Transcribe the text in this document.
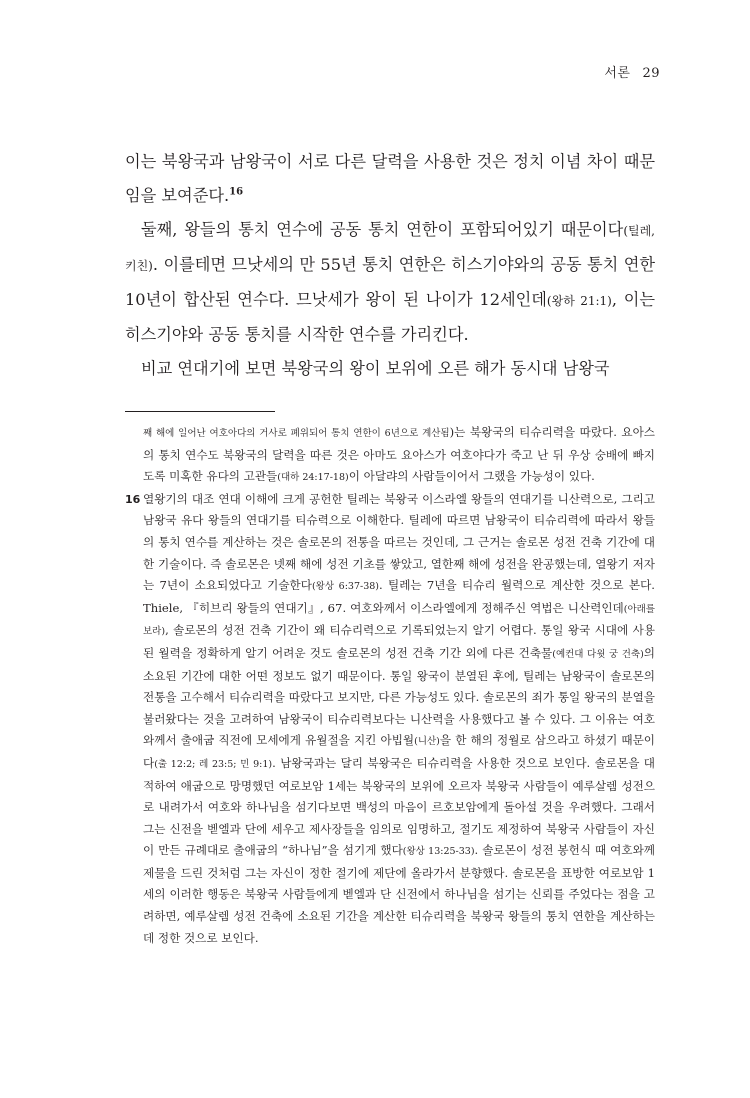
서론 29

이는 북왕국과 남왕국이 서로 다른 달력을 사용한 것은 정치 이념 차이 때문임을 보여준다.$^{16}$

둘째, 왕들의 통치 연수에 공동 통치 연한이 포함되어있기 때문이다(틸레, 키친). 이를테면 므낫세의 만 55년 통치 연한은 히스기야와의 공동 통치 연한 10년이 합산된 연수다. 므낫세가 왕이 된 나이가 12세인데(왕하 21:1), 이는 히스기야와 공동 통치를 시작한 연수를 가리킨다.

비교 연대기에 보면 북왕국의 왕이 보위에 오른 해가 동시대 남왕국

째 해에 일어난 여호아다의 거사로 폐위되어 통치 연한이 6년으로 계산됨)는 북왕국의 티슈리력을 따랐다. 요아스의 통치 연수도 북왕국의 달력을 따른 것은 아마도 요아스가 여호야다가 죽고 난 뒤 우상 숭배에 빠지도록 미혹한 유다의 고관들(대하 24:17-18)이 아달랴의 사람들이어서 그랬을 가능성이 있다.

16 열왕기의 대조 연대 이해에 크게 공헌한 틸레는 북왕국 이스라엘 왕들의 연대기를 니산력으로, 그리고 남왕국 유다 왕들의 연대기를 티슈력으로 이해한다. 틸레에 따르면 남왕국이 티슈리력에 따라서 왕들의 통치 연수를 계산하는 것은 솔로몬의 전통을 따르는 것인데, 그 근거는 솔로몬 성전 건축 기간에 대한 기술이다. 즉 솔로몬은 넷째 해에 성전 기초를 쌓았고, 열한째 해에 성전을 완공했는데, 열왕기 저자는 7년이 소요되었다고 기술한다(왕상 6:37-38). 틸레는 7년을 티슈리 월력으로 계산한 것으로 본다. Thiele, 『히브리 왕들의 연대기』, 67. 여호와께서 이스라엘에게 정해주신 역법은 니산력인데(아래를 보라), 솔로몬의 성전 건축 기간이 왜 티슈리력으로 기록되었는지 알기 어렵다. 통일 왕국 시대에 사용된 월력을 정확하게 알기 어려운 것도 솔로몬의 성전 건축 기간 외에 다른 건축물(예컨대 다윗 궁 건축)의 소요된 기간에 대한 어떤 정보도 없기 때문이다. 통일 왕국이 분열된 후에, 틸레는 남왕국이 솔로몬의 전통을 고수해서 티슈리력을 따랐다고 보지만, 다른 가능성도 있다. 솔로몬의 죄가 통일 왕국의 분열을 불러왔다는 것을 고려하여 남왕국이 티슈리력보다는 니산력을 사용했다고 볼 수 있다. 그 이유는 여호와께서 출애굽 직전에 모세에게 유월절을 지킨 아빕월(니산)을 한 해의 정월로 삼으라고 하셨기 때문이다(출 12:2; 레 23:5; 민 9:1). 남왕국과는 달리 북왕국은 티슈리력을 사용한 것으로 보인다. 솔로몬을 대적하여 애굽으로 망명했던 여로보암 1세는 북왕국의 보위에 오르자 북왕국 사람들이 예루살렘 성전으로 내려가서 여호와 하나님을 섬기다보면 백성의 마음이 르호보암에게 돌아설 것을 우려했다. 그래서 그는 신전을 벧엘과 단에 세우고 제사장들을 임의로 임명하고, 절기도 제정하여 북왕국 사람들이 자신이 만든 규례대로 출애굽의 “하나님”을 섬기게 했다(왕상 13:25-33). 솔로몬이 성전 봉헌식 때 여호와께 제물을 드린 것처럼 그는 자신이 정한 절기에 제단에 올라가서 분향했다. 솔로몬을 표방한 여로보암 1세의 이러한 행동은 북왕국 사람들에게 벧엘과 단 신전에서 하나님을 섬기는 신뢰를 주었다는 점을 고려하면, 예루살렘 성전 건축에 소요된 기간을 계산한 티슈리력을 북왕국 왕들의 통치 연한을 계산하는 데 정한 것으로 보인다.
